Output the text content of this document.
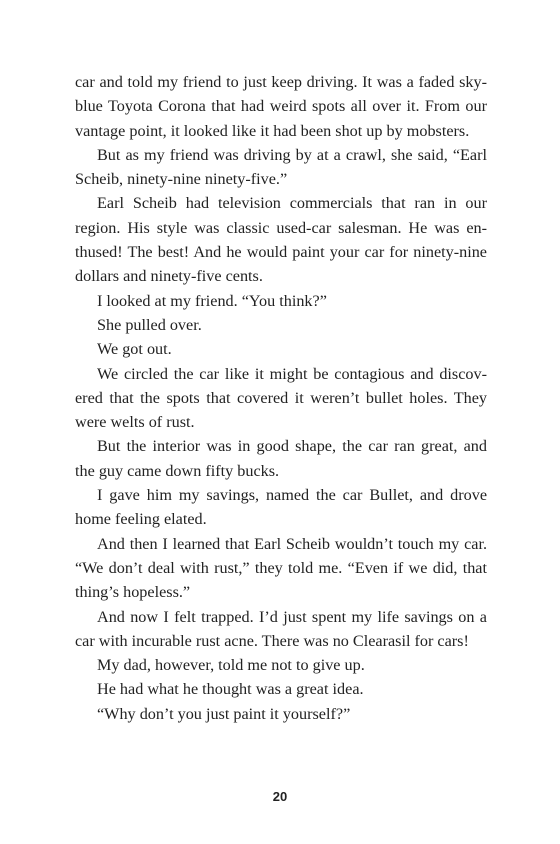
car and told my friend to just keep driving. It was a faded sky-
blue Toyota Corona that had weird spots all over it. From our
vantage point, it looked like it had been shot up by mobsters.
But as my friend was driving by at a crawl, she said, “Earl
Scheib, ninety-nine ninety-five.”
Earl Scheib had television commercials that ran in our
region. His style was classic used-car salesman. He was en-
thused! The best! And he would paint your car for ninety-nine
dollars and ninety-five cents.
I looked at my friend. “You think?”
She pulled over.
We got out.
We circled the car like it might be contagious and discov-
ered that the spots that covered it weren’t bullet holes. They
were welts of rust.
But the interior was in good shape, the car ran great, and
the guy came down fifty bucks.
I gave him my savings, named the car Bullet, and drove
home feeling elated.
And then I learned that Earl Scheib wouldn’t touch my car.
“We don’t deal with rust,” they told me. “Even if we did, that
thing’s hopeless.”
And now I felt trapped. I’d just spent my life savings on a
car with incurable rust acne. There was no Clearasil for cars!
My dad, however, told me not to give up.
He had what he thought was a great idea.
“Why don’t you just paint it yourself?”
20
